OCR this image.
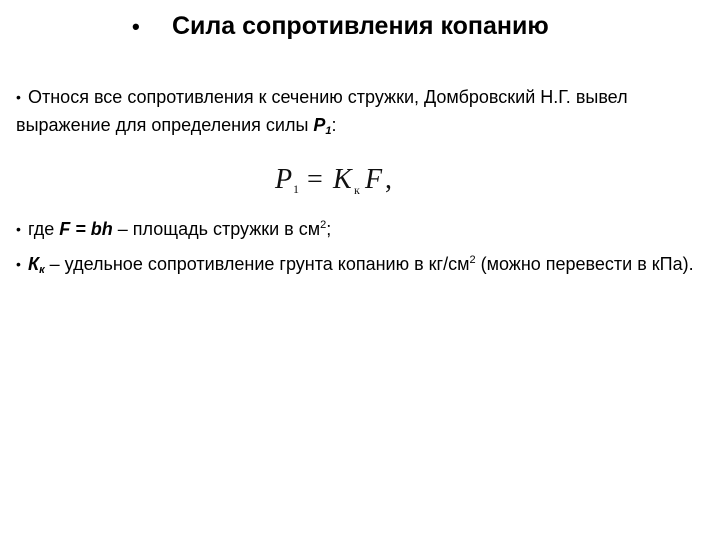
• Сила сопротивления копанию
• Относя все сопротивления к сечению стружки, Домбровский Н.Г. вывел выражение для определения силы $P_1$:
P 1 = K к F ,
• где F = bh – площадь стружки в $см^2$;
• $К_к$ – удельное сопротивление грунта копанию в $кг/см^2$ (можно перевести в кПа).
